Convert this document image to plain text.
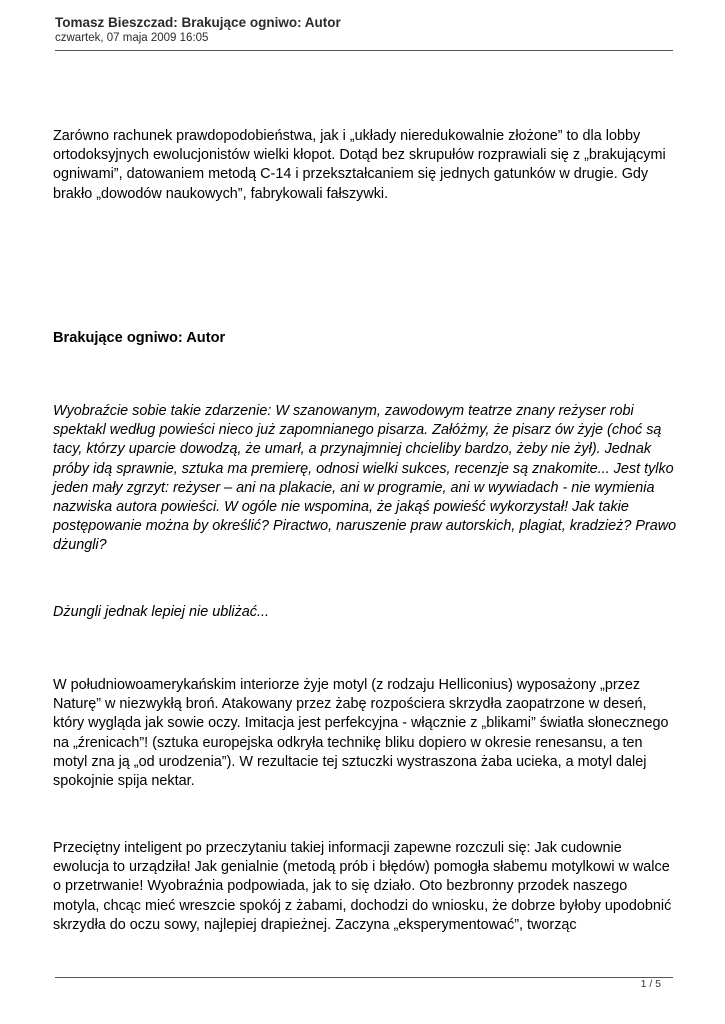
Tomasz Bieszczad: Brakujące ogniwo: Autor
czwartek, 07 maja 2009 16:05

Zarówno rachunek prawdopodobieństwa, jak i „układy nieredukowalnie złożone” to dla lobby ortodoksyjnych ewolucjonistów wielki kłopot. Dotąd bez skrupułów rozprawiali się z „brakującymi ogniwami”, datowaniem metodą C-14 i przekształcaniem się jednych gatunków w drugie. Gdy brakło „dowodów naukowych”, fabrykowali fałszywki.

Brakujące ogniwo: Autor

Wyobraźcie sobie takie zdarzenie: W szanowanym, zawodowym teatrze znany reżyser robi spektakl według powieści nieco już zapomnianego pisarza. Załóżmy, że pisarz ów żyje (choć są tacy, którzy uparcie dowodzą, że umarł, a przynajmniej chcieliby bardzo, żeby nie żył). Jednak próby idą sprawnie, sztuka ma premierę, odnosi wielki sukces, recenzje są znakomite... Jest tylko jeden mały zgrzyt: reżyser – ani na plakacie, ani w programie, ani w wywiadach - nie wymienia nazwiska autora powieści. W ogóle nie wspomina, że jakąś powieść wykorzystał! Jak takie postępowanie można by określić? Piractwo, naruszenie praw autorskich, plagiat, kradzież? Prawo dżungli?

Dżungli jednak lepiej nie ubliżać...

W południowoamerykańskim interiorze żyje motyl (z rodzaju Helliconius) wyposażony „przez Naturę” w niezwykłą broń. Atakowany przez żabę rozpościera skrzydła zaopatrzone w deseń, który wygląda jak sowie oczy. Imitacja jest perfekcyjna - włącznie z „blikami” światła słonecznego na „źrenicach”! (sztuka europejska odkryła technikę bliku dopiero w okresie renesansu, a ten motyl zna ją „od urodzenia”). W rezultacie tej sztuczki wystraszona żaba ucieka, a motyl dalej spokojnie spija nektar.

Przeciętny inteligent po przeczytaniu takiej informacji zapewne rozczuli się: Jak cudownie ewolucja to urządziła! Jak genialnie (metodą prób i błędów) pomogła słabemu motylkowi w walce o przetrwanie! Wyobraźnia podpowiada, jak to się działo. Oto bezbronny przodek naszego motyla, chcąc mieć wreszcie spokój z żabami, dochodzi do wniosku, że dobrze byłoby upodobnić skrzydła do oczu sowy, najlepiej drapieżnej. Zaczyna „eksperymentować”, tworząc

1 / 5
